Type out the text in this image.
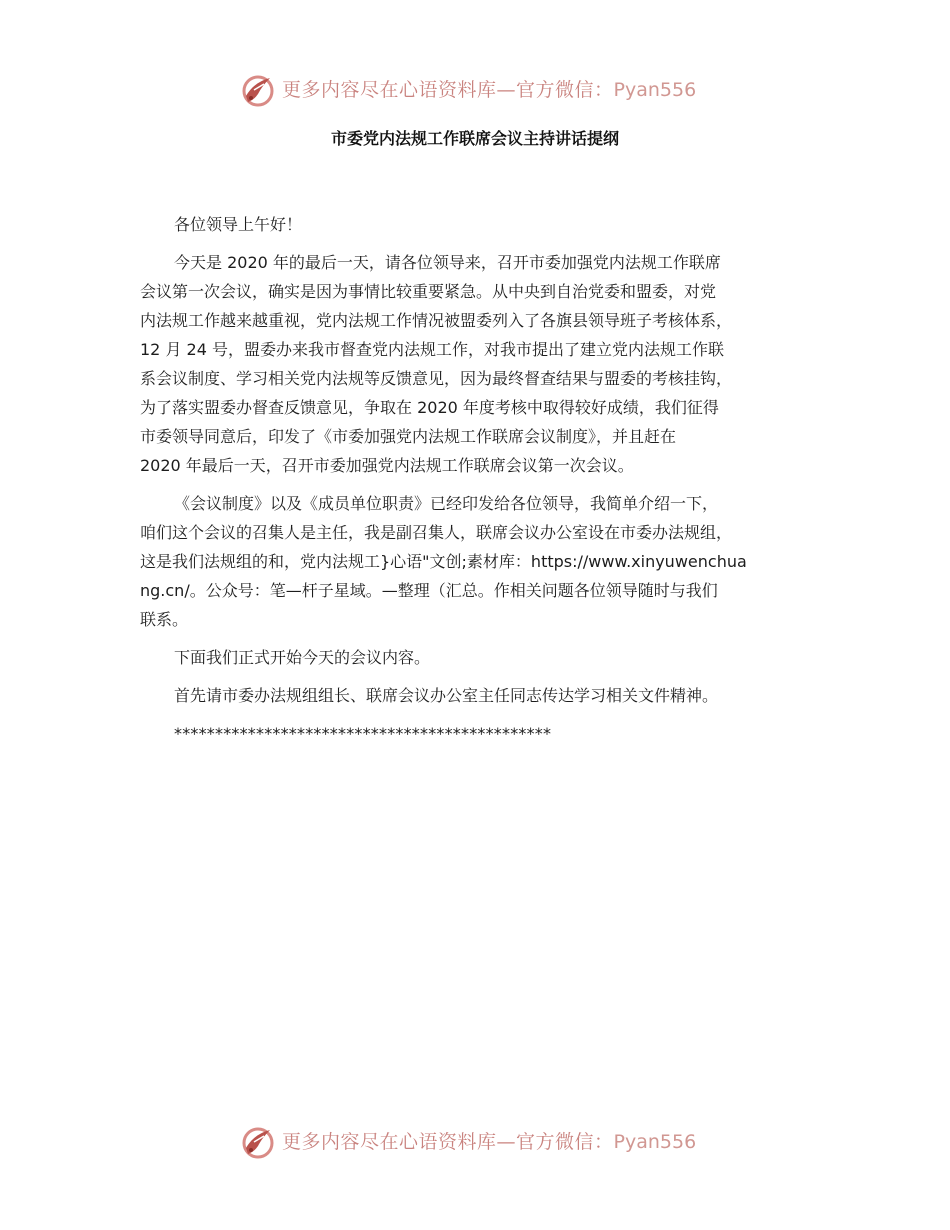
更多内容尽在心语资料库—官方微信：Pyan556
市委党内法规工作联席会议主持讲话提纲
各位领导上午好！
今天是 2020 年的最后一天，请各位领导来，召开市委加强党内法规工作联席
会议第一次会议，确实是因为事情比较重要紧急。从中央到自治党委和盟委，对党
内法规工作越来越重视，党内法规工作情况被盟委列入了各旗县领导班子考核体系，
12 月 24 号，盟委办来我市督查党内法规工作，对我市提出了建立党内法规工作联
系会议制度、学习相关党内法规等反馈意见，因为最终督查结果与盟委的考核挂钩，
为了落实盟委办督查反馈意见，争取在 2020 年度考核中取得较好成绩，我们征得
市委领导同意后，印发了《市委加强党内法规工作联席会议制度》，并且赶在
2020 年最后一天，召开市委加强党内法规工作联席会议第一次会议。
《会议制度》以及《成员单位职责》已经印发给各位领导，我简单介绍一下，
咱们这个会议的召集人是主任，我是副召集人，联席会议办公室设在市委办法规组，
这是我们法规组的和，党内法规工}心语"文创;素材库：https://www.xinyuwenchua
ng.cn/。公众号：笔—杆子星域。—整理（汇总。作相关问题各位领导随时与我们
联系。
下面我们正式开始今天的会议内容。
首先请市委办法规组组长、联席会议办公室主任同志传达学习相关文件精神。
**********************************************
更多内容尽在心语资料库—官方微信：Pyan556
